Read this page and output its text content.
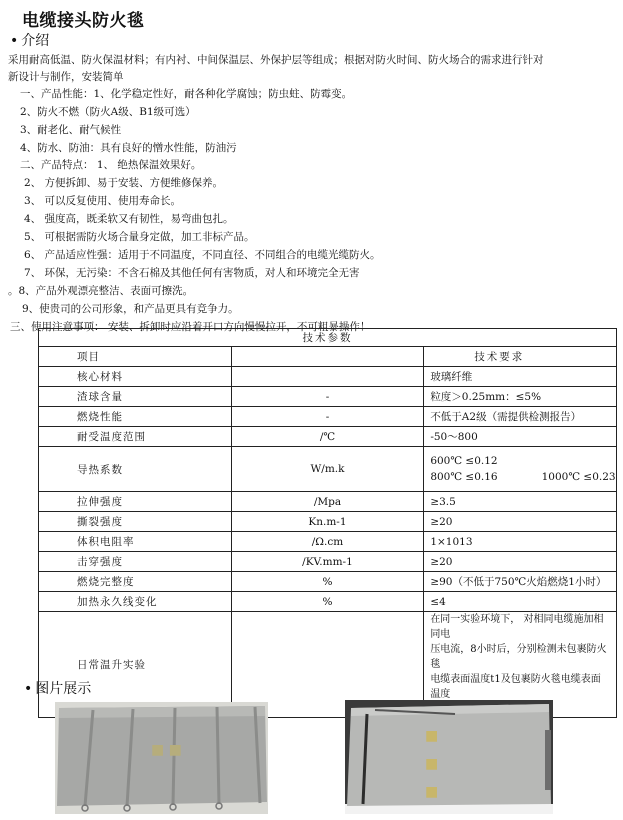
电缆接头防火毯
• 介绍

采用耐高低温、防火保温材料；有内衬、中间保温层、外保护层等组成；根据对防火时间、防火场合的需求进行针对

新设计与制作，安装简单

一、产品性能：1、化学稳定性好，耐各种化学腐蚀；防虫蛀、防霉变。
2、防火不燃（防火A级、B1级可选）
3、耐老化、耐气候性
4、防水、防油：具有良好的憎水性能，防油污
二、产品特点： 1、 绝热保温效果好。
2、 方便拆卸、易于安装、方便维修保养。
3、 可以反复使用、使用寿命长。
4、 强度高，既柔软又有韧性，易弯曲包扎。
5、 可根据需防火场合量身定做，加工非标产品。
6、 产品适应性强：适用于不同温度，不同直径、不同组合的电缆光缆防火。
7、 环保，无污染：不含石棉及其他任何有害物质，对人和环境完全无害
。8、产品外观漂亮整洁、表面可擦洗。
9、使贵司的公司形象，和产品更具有竞争力。
三、使用注意事项： 安装、拆卸时应沿着开口方向慢慢拉开，不可粗暴操作！
技术参数		
项目		技术要求
核心材料		玻璃纤维
渣球含量	-	粒度＞0.25mm：≤5%
燃烧性能	-	不低于A2级（需提供检测报告）
耐受温度范围	/℃	-50～800
导热系数	W/m.k	600℃ ≤0.12
800℃ ≤0.16 1000℃ ≤0.23

拉伸强度	/Mpa	≥3.5
撕裂强度	Kn.m-1	≥20
体积电阻率	/Ω.cm	1×1013
击穿强度	/KV.mm-1	≥20
燃烧完整度	%	≥90（不低于750℃火焰燃烧1小时）
加热永久线变化	%	≤4
日常温升实验		在同一实验环境下， 对相同电缆施加相同电
压电流，8小时后，分别检测未包裹防火毯
电缆表面温度t1及包裹防火毯电缆表面温度
• 图片展示
■ ■
■
■
■
